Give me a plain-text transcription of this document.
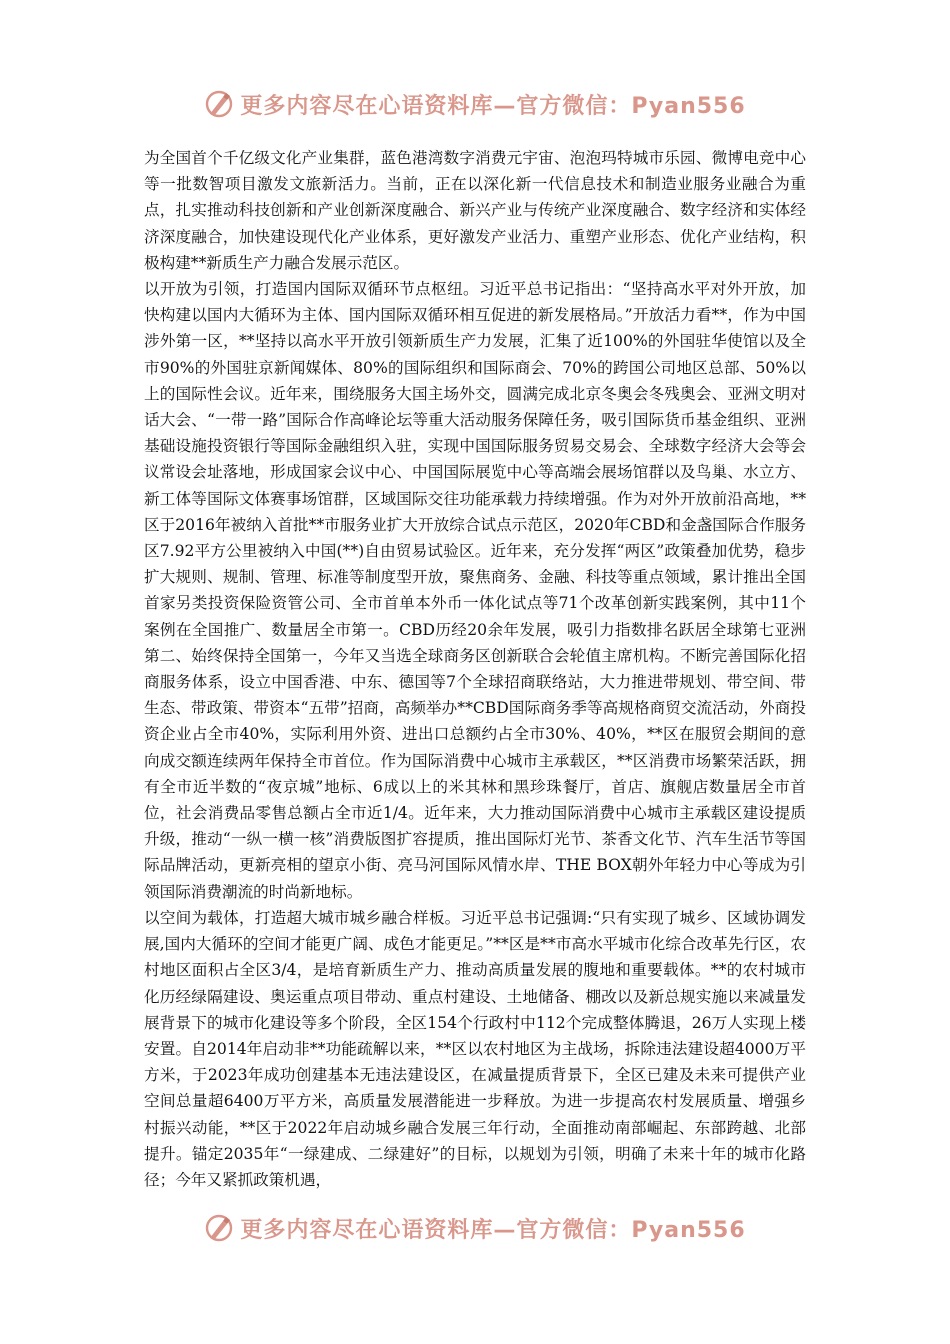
更多内容尽在心语资料库—官方微信：Pyan556

为全国首个千亿级文化产业集群，蓝色港湾数字消费元宇宙、泡泡玛特城市乐园、微博电竞中心等一批数智项目激发文旅新活力。当前，正在以深化新一代信息技术和制造业服务业融合为重点，扎实推动科技创新和产业创新深度融合、新兴产业与传统产业深度融合、数字经济和实体经济深度融合，加快建设现代化产业体系，更好激发产业活力、重塑产业形态、优化产业结构，积极构建**新质生产力融合发展示范区。

以开放为引领，打造国内国际双循环节点枢纽。习近平总书记指出：“坚持高水平对外开放，加快构建以国内大循环为主体、国内国际双循环相互促进的新发展格局。”开放活力看**，作为中国涉外第一区，**坚持以高水平开放引领新质生产力发展，汇集了近100%的外国驻华使馆以及全市90%的外国驻京新闻媒体、80%的国际组织和国际商会、70%的跨国公司地区总部、50%以上的国际性会议。近年来，围绕服务大国主场外交，圆满完成北京冬奥会冬残奥会、亚洲文明对话大会、“一带一路”国际合作高峰论坛等重大活动服务保障任务，吸引国际货币基金组织、亚洲基础设施投资银行等国际金融组织入驻，实现中国国际服务贸易交易会、全球数字经济大会等会议常设会址落地，形成国家会议中心、中国国际展览中心等高端会展场馆群以及鸟巢、水立方、新工体等国际文体赛事场馆群，区域国际交往功能承载力持续增强。作为对外开放前沿高地，**区于2016年被纳入首批**市服务业扩大开放综合试点示范区，2020年CBD和金盏国际合作服务区7.92平方公里被纳入中国(**)自由贸易试验区。近年来，充分发挥“两区”政策叠加优势，稳步扩大规则、规制、管理、标准等制度型开放，聚焦商务、金融、科技等重点领域，累计推出全国首家另类投资保险资管公司、全市首单本外币一体化试点等71个改革创新实践案例，其中11个案例在全国推广、数量居全市第一。CBD历经20余年发展，吸引力指数排名跃居全球第七亚洲第二、始终保持全国第一，今年又当选全球商务区创新联合会轮值主席机构。不断完善国际化招商服务体系，设立中国香港、中东、德国等7个全球招商联络站，大力推进带规划、带空间、带生态、带政策、带资本“五带”招商，高频举办**CBD国际商务季等高规格商贸交流活动，外商投资企业占全市40%，实际利用外资、进出口总额约占全市30%、40%，**区在服贸会期间的意向成交额连续两年保持全市首位。作为国际消费中心城市主承载区，**区消费市场繁荣活跃，拥有全市近半数的“夜京城”地标、6成以上的米其林和黑珍珠餐厅，首店、旗舰店数量居全市首位，社会消费品零售总额占全市近1/4。近年来，大力推动国际消费中心城市主承载区建设提质升级，推动“一纵一横一核”消费版图扩容提质，推出国际灯光节、茶香文化节、汽车生活节等国际品牌活动，更新亮相的望京小街、亮马河国际风情水岸、THE BOX朝外年轻力中心等成为引领国际消费潮流的时尚新地标。

以空间为载体，打造超大城市城乡融合样板。习近平总书记强调:“只有实现了城乡、区域协调发展,国内大循环的空间才能更广阔、成色才能更足。”**区是**市高水平城市化综合改革先行区，农村地区面积占全区3/4，是培育新质生产力、推动高质量发展的腹地和重要载体。**的农村城市化历经绿隔建设、奥运重点项目带动、重点村建设、土地储备、棚改以及新总规实施以来减量发展背景下的城市化建设等多个阶段，全区154个行政村中112个完成整体腾退，26万人实现上楼安置。自2014年启动非**功能疏解以来，**区以农村地区为主战场，拆除违法建设超4000万平方米，于2023年成功创建基本无违法建设区，在减量提质背景下，全区已建及未来可提供产业空间总量超6400万平方米，高质量发展潜能进一步释放。为进一步提高农村发展质量、增强乡村振兴动能，**区于2022年启动城乡融合发展三年行动，全面推动南部崛起、东部跨越、北部提升。锚定2035年“一绿建成、二绿建好”的目标，以规划为引领，明确了未来十年的城市化路径；今年又紧抓政策机遇，

更多内容尽在心语资料库—官方微信：Pyan556
